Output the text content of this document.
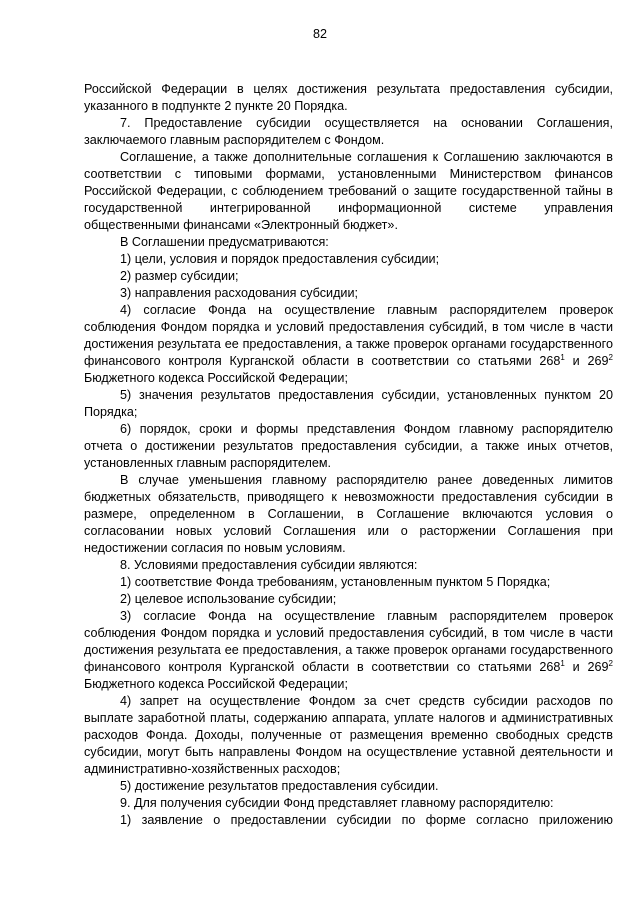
82

Российской Федерации в целях достижения результата предоставления субсидии, указанного в подпункте 2 пункте 20 Порядка.

7. Предоставление субсидии осуществляется на основании Соглашения, заключаемого главным распорядителем с Фондом.

Соглашение, а также дополнительные соглашения к Соглашению заключаются в соответствии с типовыми формами, установленными Министерством финансов Российской Федерации, с соблюдением требований о защите государственной тайны в государственной интегрированной информационной системе управления общественными финансами «Электронный бюджет».

В Соглашении предусматриваются:

1) цели, условия и порядок предоставления субсидии;

2) размер субсидии;

3) направления расходования субсидии;

4) согласие Фонда на осуществление главным распорядителем проверок соблюдения Фондом порядка и условий предоставления субсидий, в том числе в части достижения результата ее предоставления, а также проверок органами государственного финансового контроля Курганской области в соответствии со статьями $268^1$ и $269^2$ Бюджетного кодекса Российской Федерации;

5) значения результатов предоставления субсидии, установленных пунктом 20 Порядка;

6) порядок, сроки и формы представления Фондом главному распорядителю отчета о достижении результатов предоставления субсидии, а также иных отчетов, установленных главным распорядителем.

В случае уменьшения главному распорядителю ранее доведенных лимитов бюджетных обязательств, приводящего к невозможности предоставления субсидии в размере, определенном в Соглашении, в Соглашение включаются условия о согласовании новых условий Соглашения или о расторжении Соглашения при недостижении согласия по новым условиям.

8. Условиями предоставления субсидии являются:

1) соответствие Фонда требованиям, установленным пунктом 5 Порядка;

2) целевое использование субсидии;

3) согласие Фонда на осуществление главным распорядителем проверок соблюдения Фондом порядка и условий предоставления субсидий, в том числе в части достижения результата ее предоставления, а также проверок органами государственного финансового контроля Курганской области в соответствии со статьями $268^1$ и $269^2$ Бюджетного кодекса Российской Федерации;

4) запрет на осуществление Фондом за счет средств субсидии расходов по выплате заработной платы, содержанию аппарата, уплате налогов и административных расходов Фонда. Доходы, полученные от размещения временно свободных средств субсидии, могут быть направлены Фондом на осуществление уставной деятельности и административно-хозяйственных расходов;

5) достижение результатов предоставления субсидии.

9. Для получения субсидии Фонд представляет главному распорядителю:

1) заявление о предоставлении субсидии по форме согласно приложению
